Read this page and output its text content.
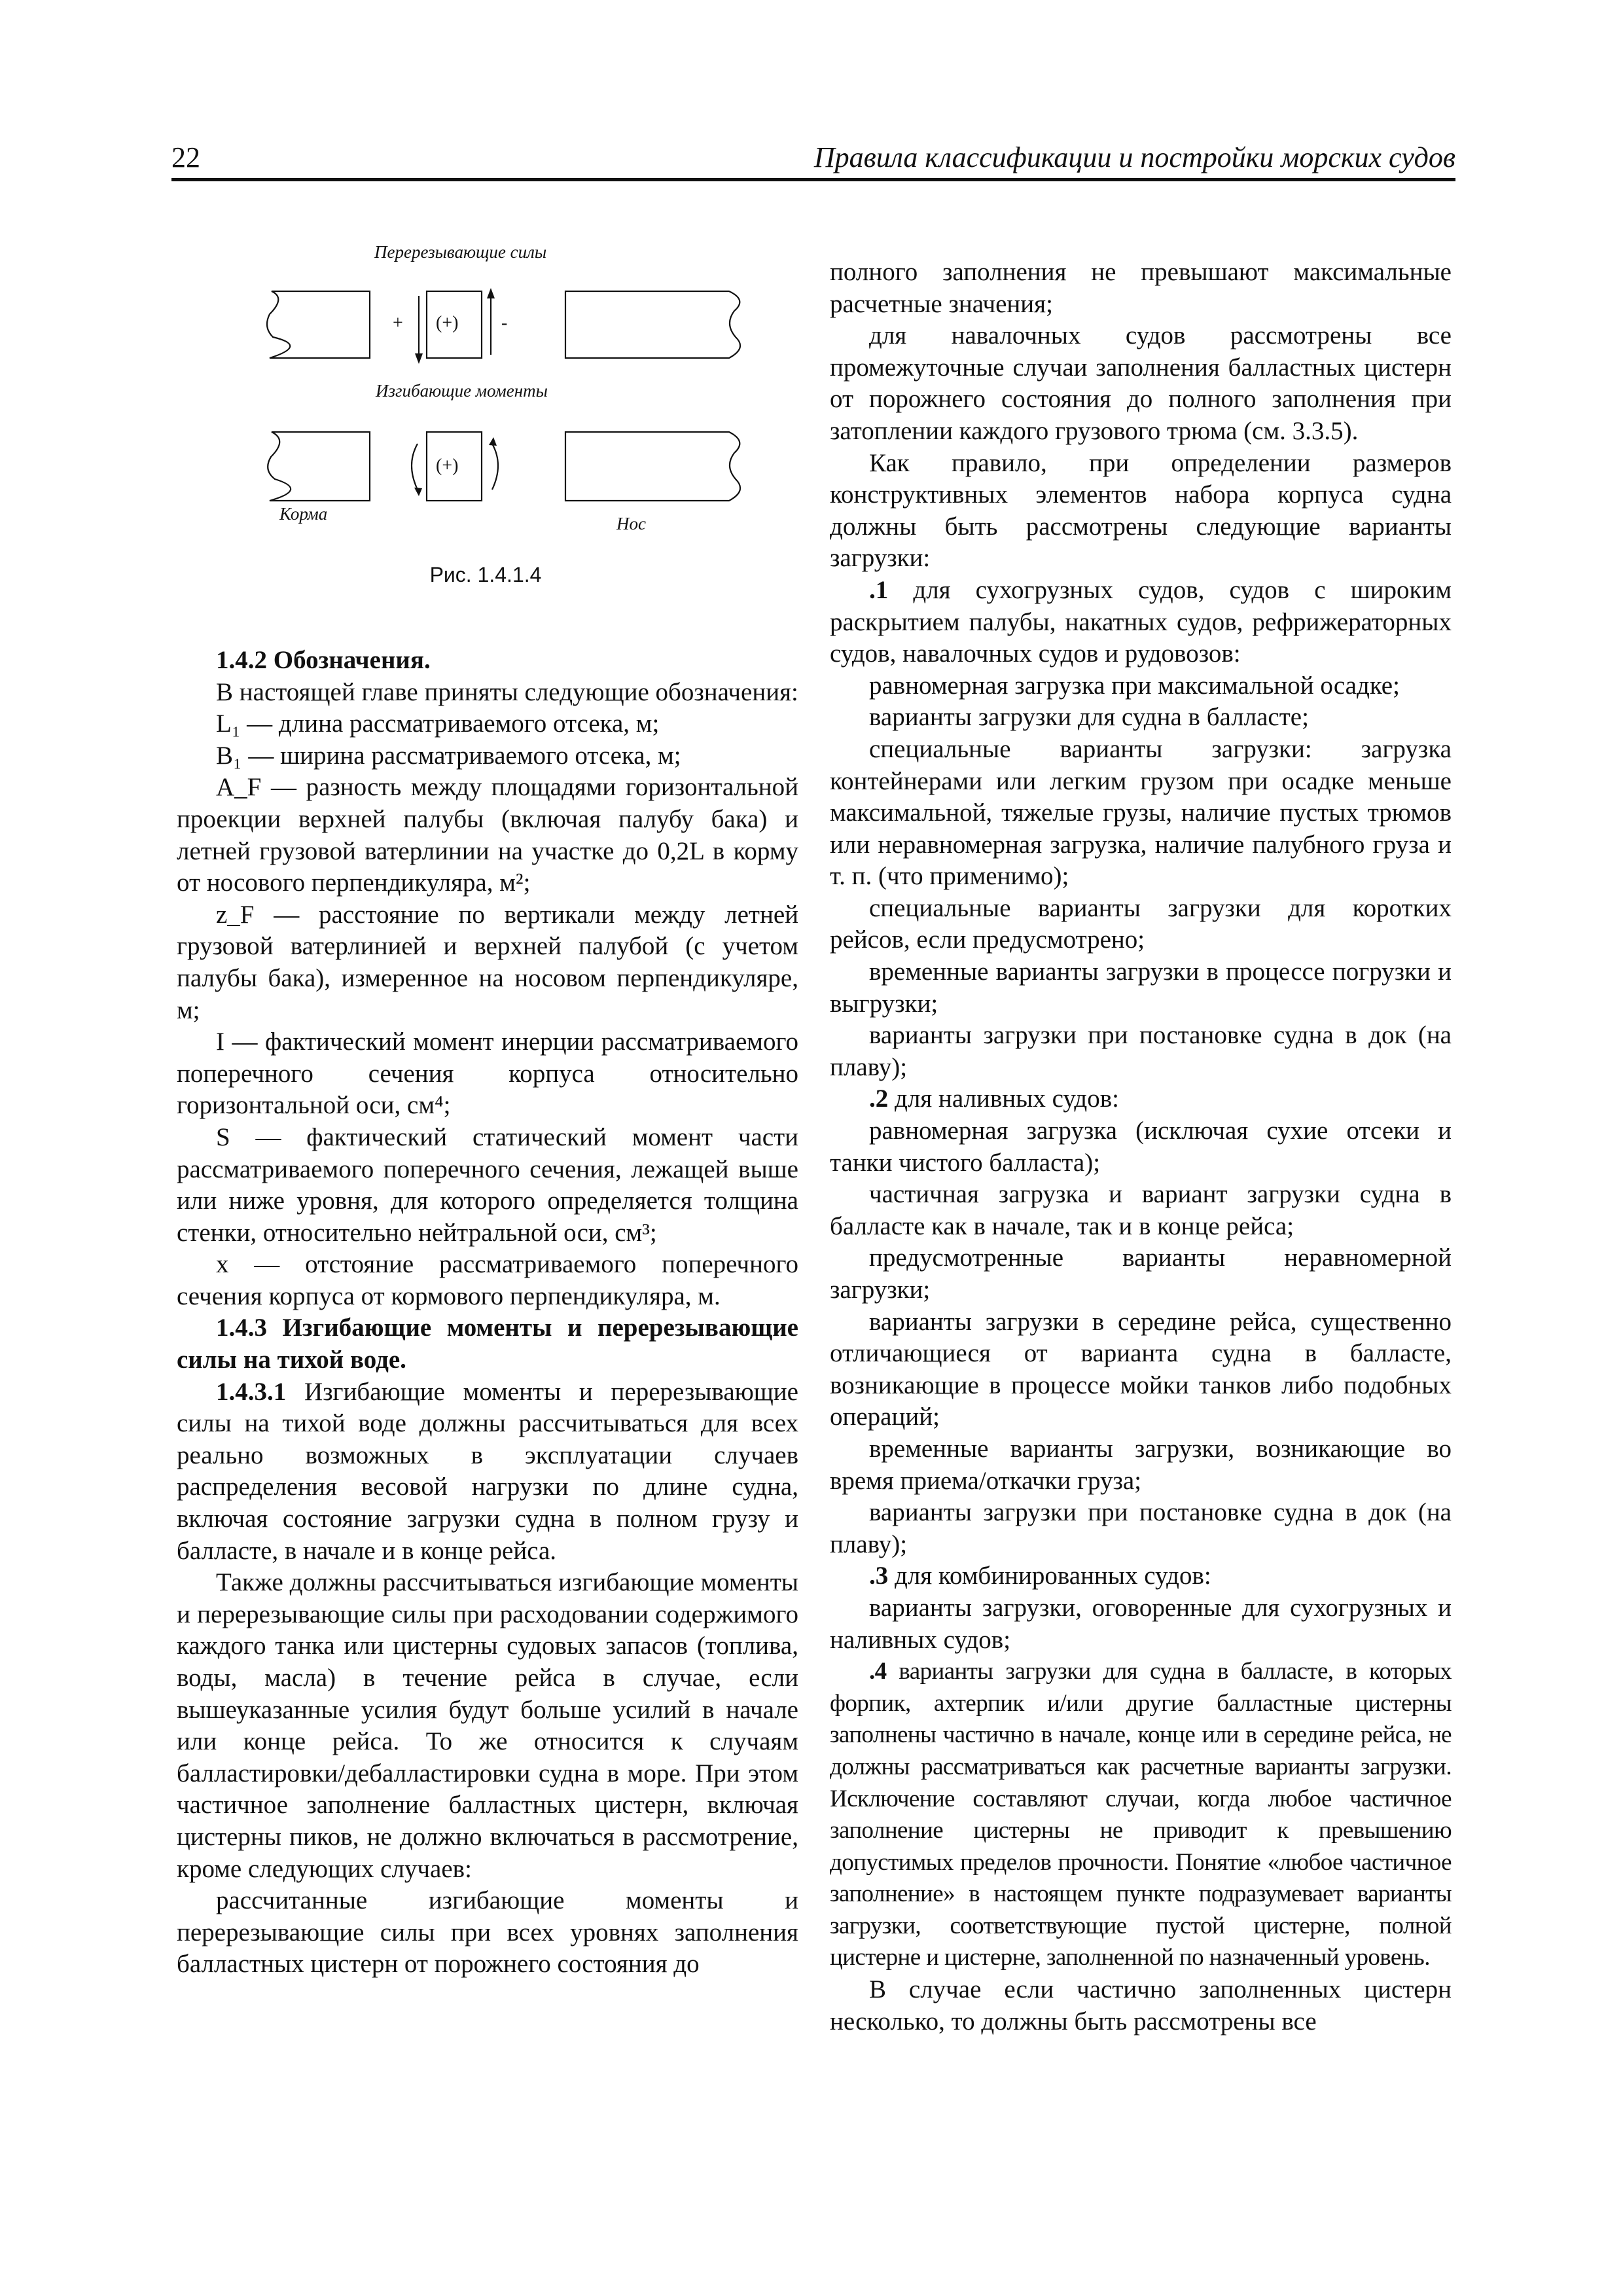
22	Правила классификации и постройки морских судов
Перерезывающие силы
+ (+) -
Изгибающие моменты
(+)
Корма	Нос
Рис. 1.4.1.4

1.4.2 Обозначения.

В настоящей главе приняты следующие обозначения:

L₁ — длина рассматриваемого отсека, м;

B₁ — ширина рассматриваемого отсека, м;

A_F — разность между площадями горизонтальной проекции верхней палубы (включая палубу бака) и летней грузовой ватерлинии на участке до 0,2L в корму от носового перпендикуляра, м²;

z_F — расстояние по вертикали между летней грузовой ватерлинией и верхней палубой (с учетом палубы бака), измеренное на носовом перпендикуляре, м;

I — фактический момент инерции рассматриваемого поперечного сечения корпуса относительно горизонтальной оси, см⁴;

S — фактический статический момент части рассматриваемого поперечного сечения, лежащей выше или ниже уровня, для которого определяется толщина стенки, относительно нейтральной оси, см³;

x — отстояние рассматриваемого поперечного сечения корпуса от кормового перпендикуляра, м.

1.4.3 Изгибающие моменты и перерезывающие силы на тихой воде.

1.4.3.1 Изгибающие моменты и перерезывающие силы на тихой воде должны рассчитываться для всех реально возможных в эксплуатации случаев распределения весовой нагрузки по длине судна, включая состояние загрузки судна в полном грузу и балласте, в начале и в конце рейса.

Также должны рассчитываться изгибающие моменты и перерезывающие силы при расходовании содержимого каждого танка или цистерны судовых запасов (топлива, воды, масла) в течение рейса в случае, если вышеуказанные усилия будут больше усилий в начале или конце рейса. То же относится к случаям балластировки/дебалластировки судна в море. При этом частичное заполнение балластных цистерн, включая цистерны пиков, не должно включаться в рассмотрение, кроме следующих случаев:

рассчитанные изгибающие моменты и перерезывающие силы при всех уровнях заполнения балластных цистерн от порожнего состояния до

полного заполнения не превышают максимальные расчетные значения;

для навалочных судов рассмотрены все промежуточные случаи заполнения балластных цистерн от порожнего состояния до полного заполнения при затоплении каждого грузового трюма (см. 3.3.5).

Как правило, при определении размеров конструктивных элементов набора корпуса судна должны быть рассмотрены следующие варианты загрузки:

.1 для сухогрузных судов, судов с широким раскрытием палубы, накатных судов, рефрижераторных судов, навалочных судов и рудовозов:

равномерная загрузка при максимальной осадке;

варианты загрузки для судна в балласте;

специальные варианты загрузки: загрузка контейнерами или легким грузом при осадке меньше максимальной, тяжелые грузы, наличие пустых трюмов или неравномерная загрузка, наличие палубного груза и т. п. (что применимо);

специальные варианты загрузки для коротких рейсов, если предусмотрено;

временные варианты загрузки в процессе погрузки и выгрузки;

варианты загрузки при постановке судна в док (на плаву);

.2 для наливных судов:

равномерная загрузка (исключая сухие отсеки и танки чистого балласта);

частичная загрузка и вариант загрузки судна в балласте как в начале, так и в конце рейса;

предусмотренные варианты неравномерной загрузки;

варианты загрузки в середине рейса, существенно отличающиеся от варианта судна в балласте, возникающие в процессе мойки танков либо подобных операций;

временные варианты загрузки, возникающие во время приема/откачки груза;

варианты загрузки при постановке судна в док (на плаву);

.3 для комбинированных судов:

варианты загрузки, оговоренные для сухогрузных и наливных судов;

.4 варианты загрузки для судна в балласте, в которых форпик, ахтерпик и/или другие балластные цистерны заполнены частично в начале, конце или в середине рейса, не должны рассматриваться как расчетные варианты загрузки. Исключение составляют случаи, когда любое частичное заполнение цистерны не приводит к превышению допустимых пределов прочности. Понятие «любое частичное заполнение» в настоящем пункте подразумевает варианты загрузки, соответствующие пустой цистерне, полной цистерне и цистерне, заполненной по назначенный уровень.

В случае если частично заполненных цистерн несколько, то должны быть рассмотрены все
